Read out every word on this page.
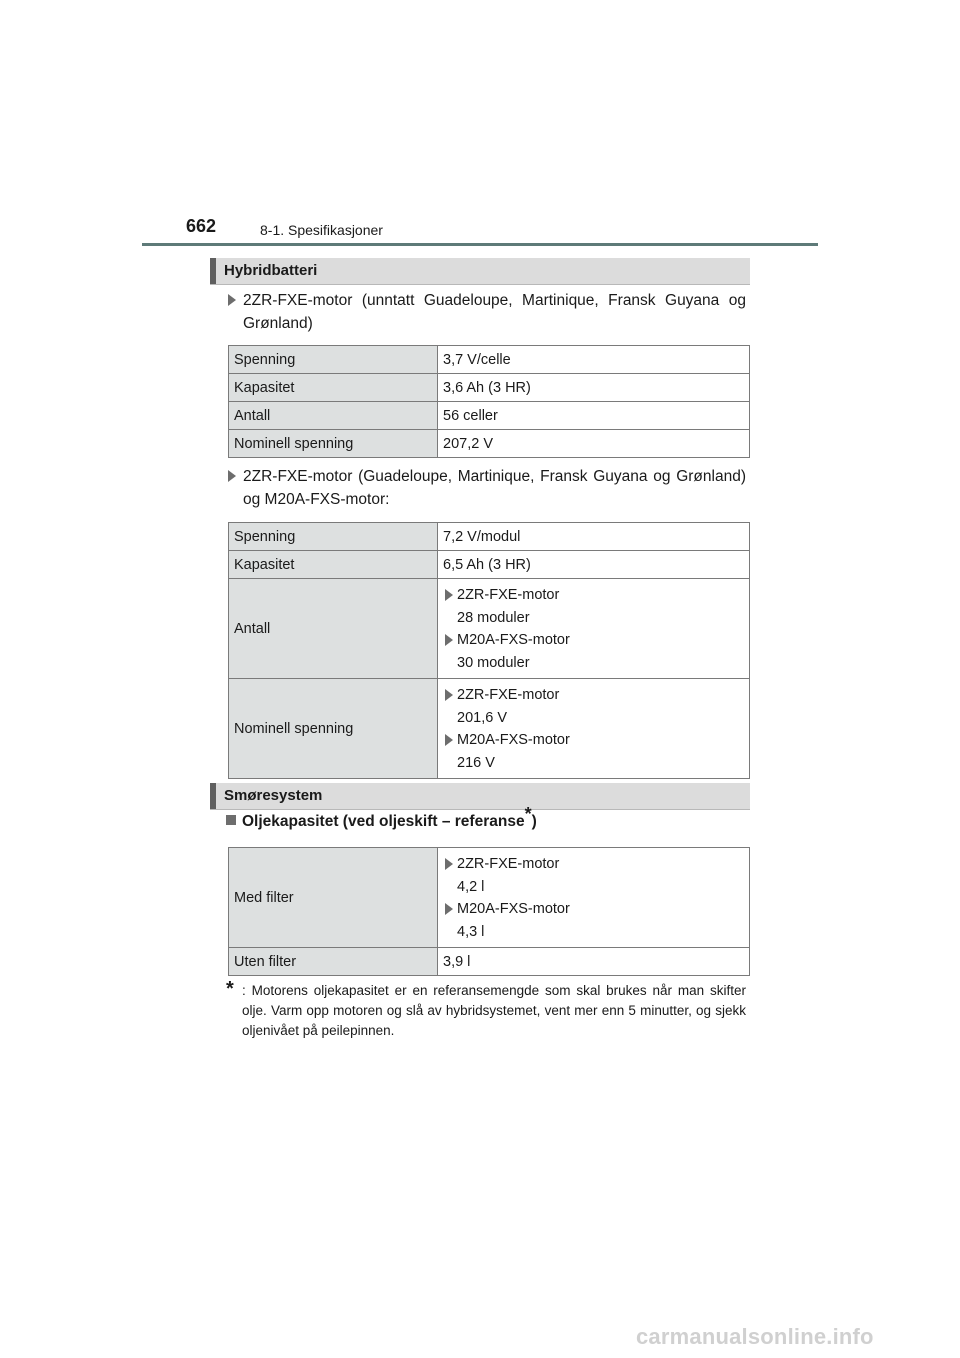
662	8-1. Spesifikasjoner
Hybridbatteri
2ZR-FXE-motor (unntatt Guadeloupe, Martinique, Fransk Guyana og Grønland)
Spenning	3,7 V/celle
Kapasitet	3,6 Ah (3 HR)
Antall	56 celler
Nominell spenning	207,2 V
2ZR-FXE-motor (Guadeloupe, Martinique, Fransk Guyana og Grønland) og M20A-FXS-motor:
Spenning	7,2 V/modul
Kapasitet	6,5 Ah (3 HR)
Antall	2ZR-FXE-motor
28 moduler
M20A-FXS-motor
30 moduler

Nominell spenning	2ZR-FXE-motor
201,6 V
M20A-FXS-motor
216 V
Smøresystem
Oljekapasitet (ved oljeskift – referanse*)
Med filter	2ZR-FXE-motor
4,2 l
M20A-FXS-motor
4,3 l

Uten filter	3,9 l
* : Motorens oljekapasitet er en referansemengde som skal brukes når man skifter olje. Varm opp motoren og slå av hybridsystemet, vent mer enn 5 minutter, og sjekk oljenivået på peilepinnen.
carmanualsonline.info
